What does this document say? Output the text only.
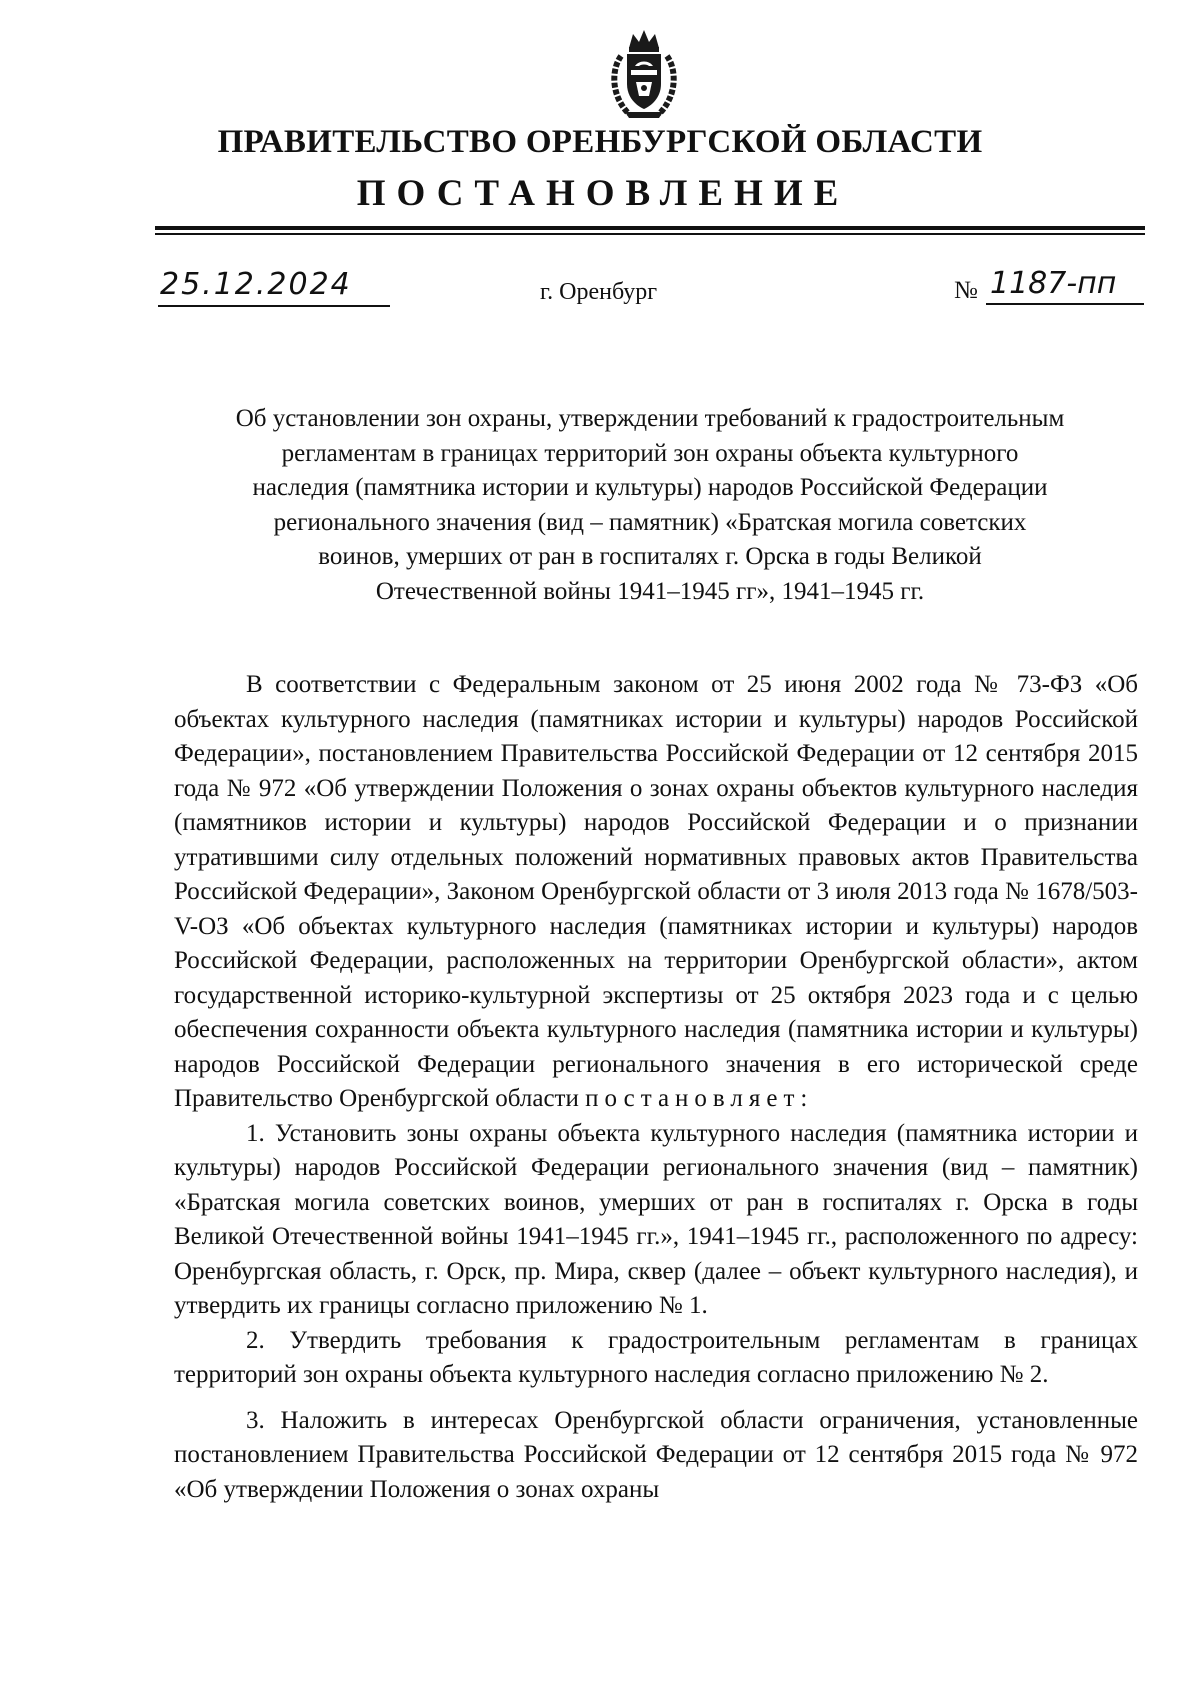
ПРАВИТЕЛЬСТВО ОРЕНБУРГСКОЙ ОБЛАСТИ
ПОСТАНОВЛЕНИЕ
25.12.2024	г. Оренбург	№ 1187-пп
Об установлении зон охраны, утверждении требований к градостроительным
регламентам в границах территорий зон охраны объекта культурного
наследия (памятника истории и культуры) народов Российской Федерации
регионального значения (вид – памятник) «Братская могила советских
воинов, умерших от ран в госпиталях г. Орска в годы Великой
Отечественной войны 1941–1945 гг», 1941–1945 гг.

В соответствии с Федеральным законом от 25 июня 2002 года № 73-ФЗ «Об объектах культурного наследия (памятниках истории и культуры) народов Российской Федерации», постановлением Правительства Российской Федерации от 12 сентября 2015 года № 972 «Об утверждении Положения о зонах охраны объектов культурного наследия (памятников истории и культуры) народов Российской Федерации и о признании утратившими силу отдельных положений нормативных правовых актов Правительства Российской Федерации», Законом Оренбургской области от 3 июля 2013 года № 1678/503-V-ОЗ «Об объектах культурного наследия (памятниках истории и культуры) народов Российской Федерации, расположенных на территории Оренбургской области», актом государственной историко-культурной экспертизы от 25 октября 2023 года и с целью обеспечения сохранности объекта культурного наследия (памятника истории и культуры) народов Российской Федерации регионального значения в его исторической среде Правительство Оренбургской области постановляет:

1. Установить зоны охраны объекта культурного наследия (памятника истории и культуры) народов Российской Федерации регионального значения (вид – памятник) «Братская могила советских воинов, умерших от ран в госпиталях г. Орска в годы Великой Отечественной войны 1941–1945 гг.», 1941–1945 гг., расположенного по адресу: Оренбургская область, г. Орск, пр. Мира, сквер (далее – объект культурного наследия), и утвердить их границы согласно приложению № 1.

2. Утвердить требования к градостроительным регламентам в границах территорий зон охраны объекта культурного наследия согласно приложению № 2.

3. Наложить в интересах Оренбургской области ограничения, установленные постановлением Правительства Российской Федерации от 12 сентября 2015 года № 972 «Об утверждении Положения о зонах охраны
